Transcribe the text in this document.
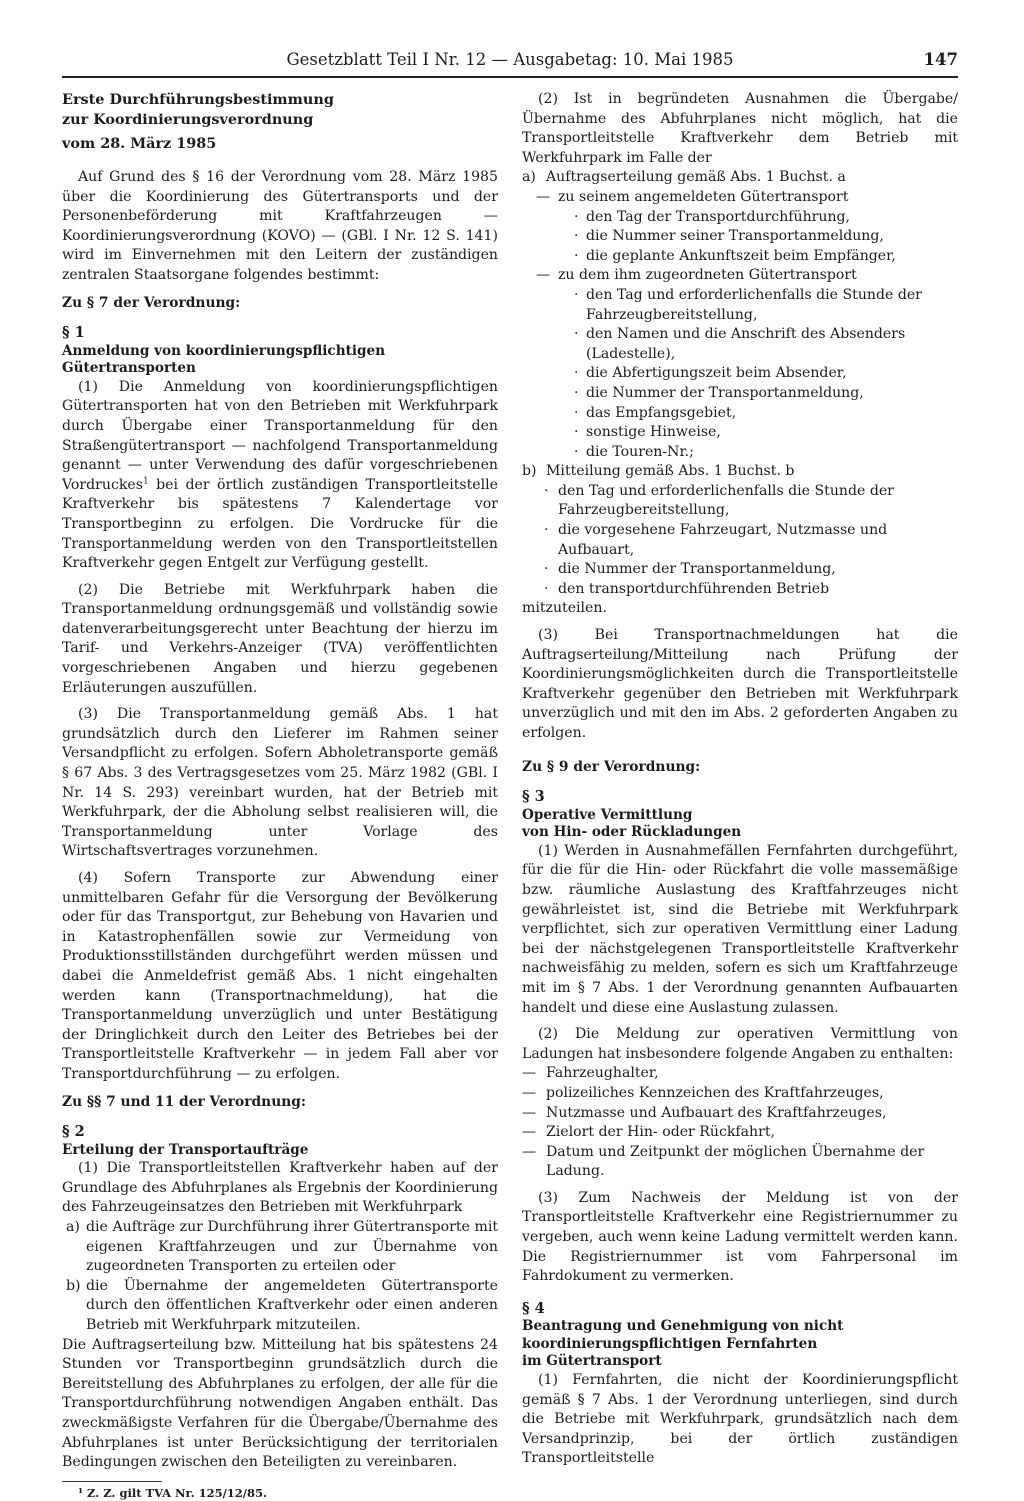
Gesetzblatt Teil I Nr. 12 — Ausgabetag: 10. Mai 1985	147

Erste Durchführungsbestimmung

zur Koordinierungsverordnung

vom 28. März 1985

Auf Grund des § 16 der Verordnung vom 28. März 1985 über die Koordinierung des Gütertransports und der Personenbeförderung mit Kraftfahrzeugen — Koordinierungsverordnung (KOVO) — (GBl. I Nr. 12 S. 141) wird im Einvernehmen mit den Leitern der zuständigen zentralen Staatsorgane folgendes bestimmt:

Zu § 7 der Verordnung:

§ 1

Anmeldung von koordinierungspflichtigen
Gütertransporten

(1) Die Anmeldung von koordinierungspflichtigen Gütertransporten hat von den Betrieben mit Werkfuhrpark durch Übergabe einer Transportanmeldung für den Straßengütertransport — nachfolgend Transportanmeldung genannt — unter Verwendung des dafür vorgeschriebenen Vordruckes$^1$ bei der örtlich zuständigen Transportleitstelle Kraftverkehr bis spätestens 7 Kalendertage vor Transportbeginn zu erfolgen. Die Vordrucke für die Transportanmeldung werden von den Transportleitstellen Kraftverkehr gegen Entgelt zur Verfügung gestellt.

(2) Die Betriebe mit Werkfuhrpark haben die Transportanmeldung ordnungsgemäß und vollständig sowie datenverarbeitungsgerecht unter Beachtung der hierzu im Tarif- und Verkehrs-Anzeiger (TVA) veröffentlichten vorgeschriebenen Angaben und hierzu gegebenen Erläuterungen auszufüllen.

(3) Die Transportanmeldung gemäß Abs. 1 hat grundsätzlich durch den Lieferer im Rahmen seiner Versandpflicht zu erfolgen. Sofern Abholetransporte gemäß § 67 Abs. 3 des Vertragsgesetzes vom 25. März 1982 (GBl. I Nr. 14 S. 293) vereinbart wurden, hat der Betrieb mit Werkfuhrpark, der die Abholung selbst realisieren will, die Transportanmeldung unter Vorlage des Wirtschaftsvertrages vorzunehmen.

(4) Sofern Transporte zur Abwendung einer unmittelbaren Gefahr für die Versorgung der Bevölkerung oder für das Transportgut, zur Behebung von Havarien und in Katastrophenfällen sowie zur Vermeidung von Produktionsstillständen durchgeführt werden müssen und dabei die Anmeldefrist gemäß Abs. 1 nicht eingehalten werden kann (Transportnachmeldung), hat die Transportanmeldung unverzüglich und unter Bestätigung der Dringlichkeit durch den Leiter des Betriebes bei der Transportleitstelle Kraftverkehr — in jedem Fall aber vor Transportdurchführung — zu erfolgen.

Zu §§ 7 und 11 der Verordnung:

§ 2

Erteilung der Transportaufträge

(1) Die Transportleitstellen Kraftverkehr haben auf der Grundlage des Abfuhrplanes als Ergebnis der Koordinierung des Fahrzeugeinsatzes den Betrieben mit Werkfuhrpark

a) die Aufträge zur Durchführung ihrer Gütertransporte mit eigenen Kraftfahrzeugen und zur Übernahme von zugeordneten Transporten zu erteilen oder
b) die Übernahme der angemeldeten Gütertransporte durch den öffentlichen Kraftverkehr oder einen anderen Betrieb mit Werkfuhrpark mitzuteilen.

Die Auftragserteilung bzw. Mitteilung hat bis spätestens 24 Stunden vor Transportbeginn grundsätzlich durch die Bereitstellung des Abfuhrplanes zu erfolgen, der alle für die Transportdurchführung notwendigen Angaben enthält. Das zweckmäßigste Verfahren für die Übergabe/Übernahme des Abfuhrplanes ist unter Berücksichtigung der territorialen Bedingungen zwischen den Beteiligten zu vereinbaren.

¹ Z. Z. gilt TVA Nr. 125/12/85.

(2) Ist in begründeten Ausnahmen die Übergabe/Übernahme des Abfuhrplanes nicht möglich, hat die Transportleitstelle Kraftverkehr dem Betrieb mit Werkfuhrpark im Falle der

a) Auftragserteilung gemäß Abs. 1 Buchst. a
— zu seinem angemeldeten Gütertransport
· den Tag der Transportdurchführung,
· die Nummer seiner Transportanmeldung,
· die geplante Ankunftszeit beim Empfänger,
— zu dem ihm zugeordneten Gütertransport
· den Tag und erforderlichenfalls die Stunde der Fahrzeugbereitstellung,
· den Namen und die Anschrift des Absenders (Ladestelle),
· die Abfertigungszeit beim Absender,
· die Nummer der Transportanmeldung,
· das Empfangsgebiet,
· sonstige Hinweise,
· die Touren-Nr.;
b) Mitteilung gemäß Abs. 1 Buchst. b
· den Tag und erforderlichenfalls die Stunde der Fahrzeugbereitstellung,
· die vorgesehene Fahrzeugart, Nutzmasse und Aufbauart,
· die Nummer der Transportanmeldung,
· den transportdurchführenden Betrieb

mitzuteilen.

(3) Bei Transportnachmeldungen hat die Auftragserteilung/Mitteilung nach Prüfung der Koordinierungsmöglichkeiten durch die Transportleitstelle Kraftverkehr gegenüber den Betrieben mit Werkfuhrpark unverzüglich und mit den im Abs. 2 geforderten Angaben zu erfolgen.

Zu § 9 der Verordnung:

§ 3

Operative Vermittlung
von Hin- oder Rückladungen

(1) Werden in Ausnahmefällen Fernfahrten durchgeführt, für die für die Hin- oder Rückfahrt die volle massemäßige bzw. räumliche Auslastung des Kraftfahrzeuges nicht gewährleistet ist, sind die Betriebe mit Werkfuhrpark verpflichtet, sich zur operativen Vermittlung einer Ladung bei der nächstgelegenen Transportleitstelle Kraftverkehr nachweisfähig zu melden, sofern es sich um Kraftfahrzeuge mit im § 7 Abs. 1 der Verordnung genannten Aufbauarten handelt und diese eine Auslastung zulassen.

(2) Die Meldung zur operativen Vermittlung von Ladungen hat insbesondere folgende Angaben zu enthalten:

— Fahrzeughalter,
— polizeiliches Kennzeichen des Kraftfahrzeuges,
— Nutzmasse und Aufbauart des Kraftfahrzeuges,
— Zielort der Hin- oder Rückfahrt,
— Datum und Zeitpunkt der möglichen Übernahme der Ladung.

(3) Zum Nachweis der Meldung ist von der Transportleitstelle Kraftverkehr eine Registriernummer zu vergeben, auch wenn keine Ladung vermittelt werden kann. Die Registriernummer ist vom Fahrpersonal im Fahrdokument zu vermerken.

§ 4

Beantragung und Genehmigung von nicht
koordinierungspflichtigen Fernfahrten
im Gütertransport

(1) Fernfahrten, die nicht der Koordinierungspflicht gemäß § 7 Abs. 1 der Verordnung unterliegen, sind durch die Betriebe mit Werkfuhrpark, grundsätzlich nach dem Versandprinzip, bei der örtlich zuständigen Transportleitstelle
